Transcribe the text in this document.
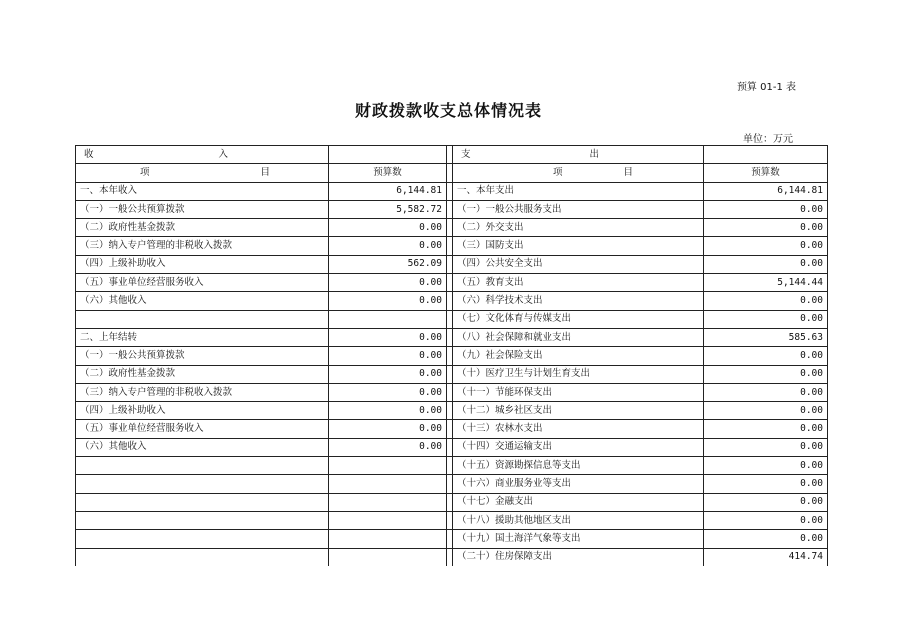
预算 01-1 表
财政拨款收支总体情况表
单位：万元
收 入			支 出	

项 目	预算数		项 目	预算数
一、本年收入	6,144.81		一、本年支出	6,144.81
（一）一般公共预算拨款	5,582.72		（一）一般公共服务支出	0.00
（二）政府性基金拨款	0.00		（二）外交支出	0.00
（三）纳入专户管理的非税收入拨款	0.00		（三）国防支出	0.00
（四）上级补助收入	562.09		（四）公共安全支出	0.00
（五）事业单位经营服务收入	0.00		（五）教育支出	5,144.44
（六）其他收入	0.00		（六）科学技术支出	0.00
			（七）文化体育与传媒支出	0.00
二、上年结转	0.00		（八）社会保障和就业支出	585.63
（一）一般公共预算拨款	0.00		（九）社会保险支出	0.00
（二）政府性基金拨款	0.00		（十）医疗卫生与计划生育支出	0.00
（三）纳入专户管理的非税收入拨款	0.00		（十一）节能环保支出	0.00
（四）上级补助收入	0.00		（十二）城乡社区支出	0.00
（五）事业单位经营服务收入	0.00		（十三）农林水支出	0.00
（六）其他收入	0.00		（十四）交通运输支出	0.00
			（十五）资源勘探信息等支出	0.00
			（十六）商业服务业等支出	0.00
			（十七）金融支出	0.00
			（十八）援助其他地区支出	0.00
			（十九）国土海洋气象等支出	0.00
			（二十）住房保障支出	414.74
